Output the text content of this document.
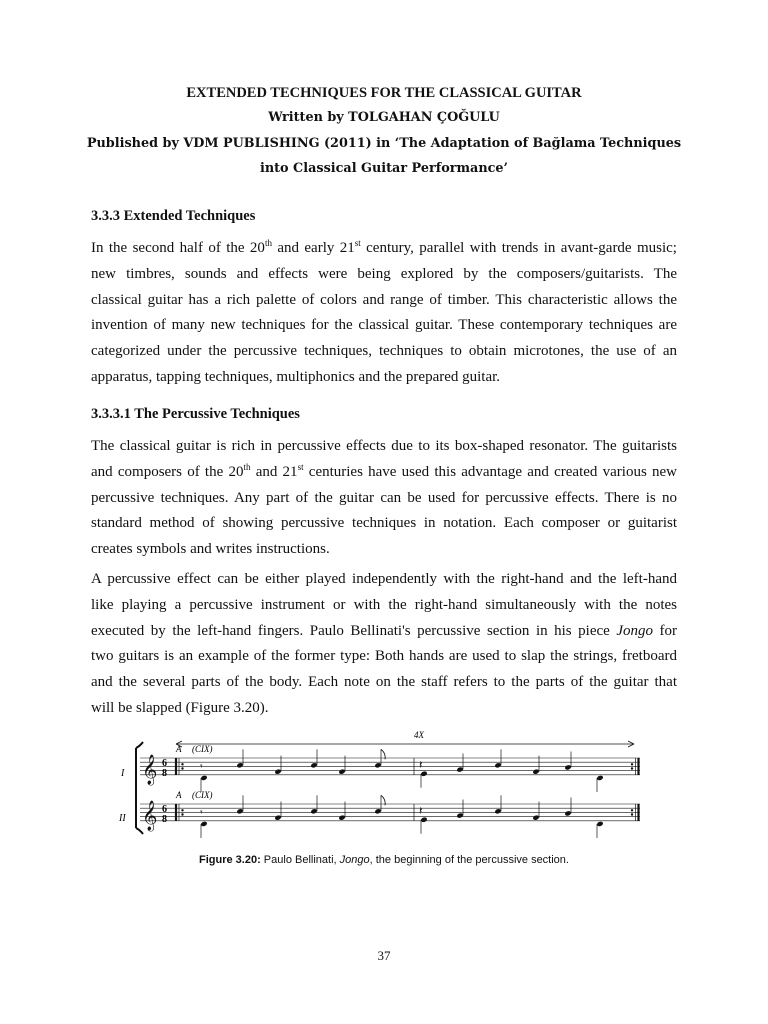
EXTENDED TECHNIQUES FOR THE CLASSICAL GUITAR
Written by TOLGAHAN ÇOĞULU
Published by VDM PUBLISHING (2011) in ‘The Adaptation of Bağlama Techniques
into Classical Guitar Performance’
3.3.3 Extended Techniques
In the second half of the 20th and early 21st century, parallel with trends in avant-garde music;
new timbres, sounds and effects were being explored by the composers/guitarists. The
classical guitar has a rich palette of colors and range of timber. This characteristic allows the
invention of many new techniques for the classical guitar. These contemporary techniques are
categorized under the percussive techniques, techniques to obtain microtones, the use of an
apparatus, tapping techniques, multiphonics and the prepared guitar.
3.3.3.1 The Percussive Techniques
The classical guitar is rich in percussive effects due to its box-shaped resonator. The guitarists
and composers of the 20th and 21st centuries have used this advantage and created various new
percussive techniques. Any part of the guitar can be used for percussive effects. There is no
standard method of showing percussive techniques in notation. Each composer or guitarist
creates symbols and writes instructions.
A percussive effect can be either played independently with the right-hand and the left-hand
like playing a percussive instrument or with the right-hand simultaneously with the notes
executed by the left-hand fingers. Paulo Bellinati's percussive section in his piece Jongo for
two guitars is an example of the former type: Both hands are used to slap the strings, fretboard
and the several parts of the body. Each note on the staff refers to the parts of the guitar that
will be slapped (Figure 3.20).
4X
I
II
𝄞 6
8
A (CIX)
𝄾	𝄽
𝄞 6
8
A (CIX)
𝄾	𝄽
Figure 3.20: Paulo Bellinati, Jongo, the beginning of the percussive section.
37
